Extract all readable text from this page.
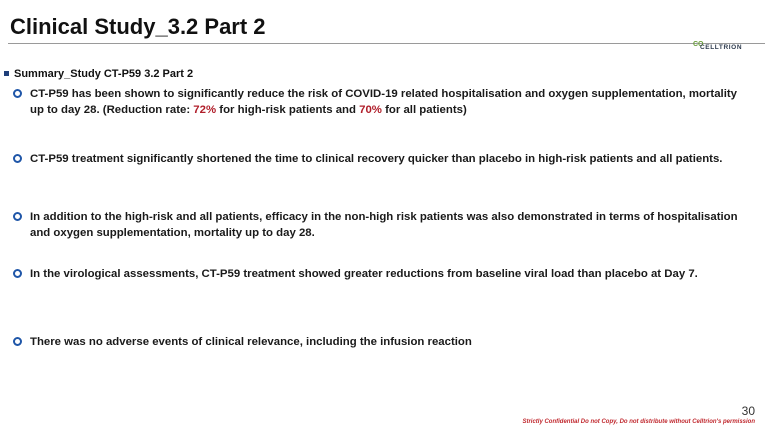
Clinical Study_3.2 Part 2
CO
CELLTRION
Summary_Study CT-P59 3.2 Part 2
CT-P59 has been shown to significantly reduce the risk of COVID-19 related hospitalisation and oxygen supplementation, mortality up to day 28. (Reduction rate: 72% for high-risk patients and 70% for all patients)
CT-P59 treatment significantly shortened the time to clinical recovery quicker than placebo in high-risk patients and all patients.
In addition to the high-risk and all patients, efficacy in the non-high risk patients was also demonstrated in terms of hospitalisation and oxygen supplementation, mortality up to day 28.
In the virological assessments, CT-P59 treatment showed greater reductions from baseline viral load than placebo at Day 7.
There was no adverse events of clinical relevance, including the infusion reaction
30
Strictly Confidential Do not Copy, Do not distribute without Celltrion's permission
